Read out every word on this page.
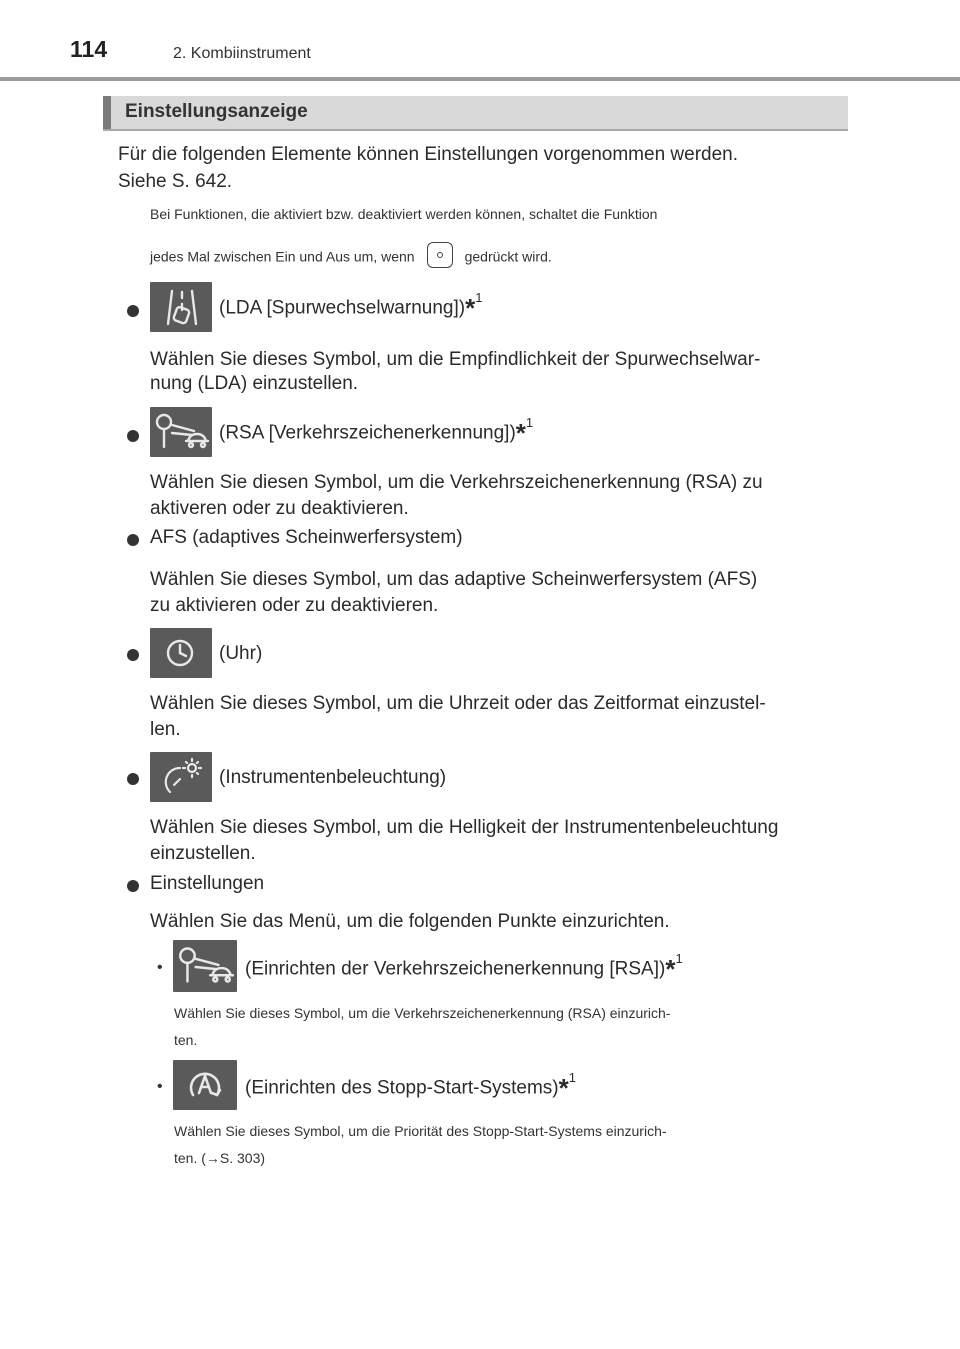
114	2. Kombiinstrument
Einstellungsanzeige
Für die folgenden Elemente können Einstellungen vorgenommen werden.
Siehe S. 642.
Bei Funktionen, die aktiviert bzw. deaktiviert werden können, schaltet die Funktion
jedes Mal zwischen Ein und Aus um, wenn	gedrückt wird.
(LDA [Spurwechselwarnung])*$^1$
Wählen Sie dieses Symbol, um die Empfindlichkeit der Spurwechselwar-
nung (LDA) einzustellen.
(RSA [Verkehrszeichenerkennung])*$^1$
Wählen Sie diesen Symbol, um die Verkehrszeichenerkennung (RSA) zu
aktiveren oder zu deaktivieren.
AFS (adaptives Scheinwerfersystem)
Wählen Sie dieses Symbol, um das adaptive Scheinwerfersystem (AFS)
zu aktivieren oder zu deaktivieren.
(Uhr)
Wählen Sie dieses Symbol, um die Uhrzeit oder das Zeitformat einzustel-
len.
(Instrumentenbeleuchtung)
Wählen Sie dieses Symbol, um die Helligkeit der Instrumentenbeleuchtung
einzustellen.
Einstellungen
Wählen Sie das Menü, um die folgenden Punkte einzurichten.
•	(Einrichten der Verkehrszeichenerkennung [RSA])*$^1$
Wählen Sie dieses Symbol, um die Verkehrszeichenerkennung (RSA) einzurich-
ten.
•	(Einrichten des Stopp-Start-Systems)*$^1$
Wählen Sie dieses Symbol, um die Priorität des Stopp-Start-Systems einzurich-
ten. (→S. 303)
